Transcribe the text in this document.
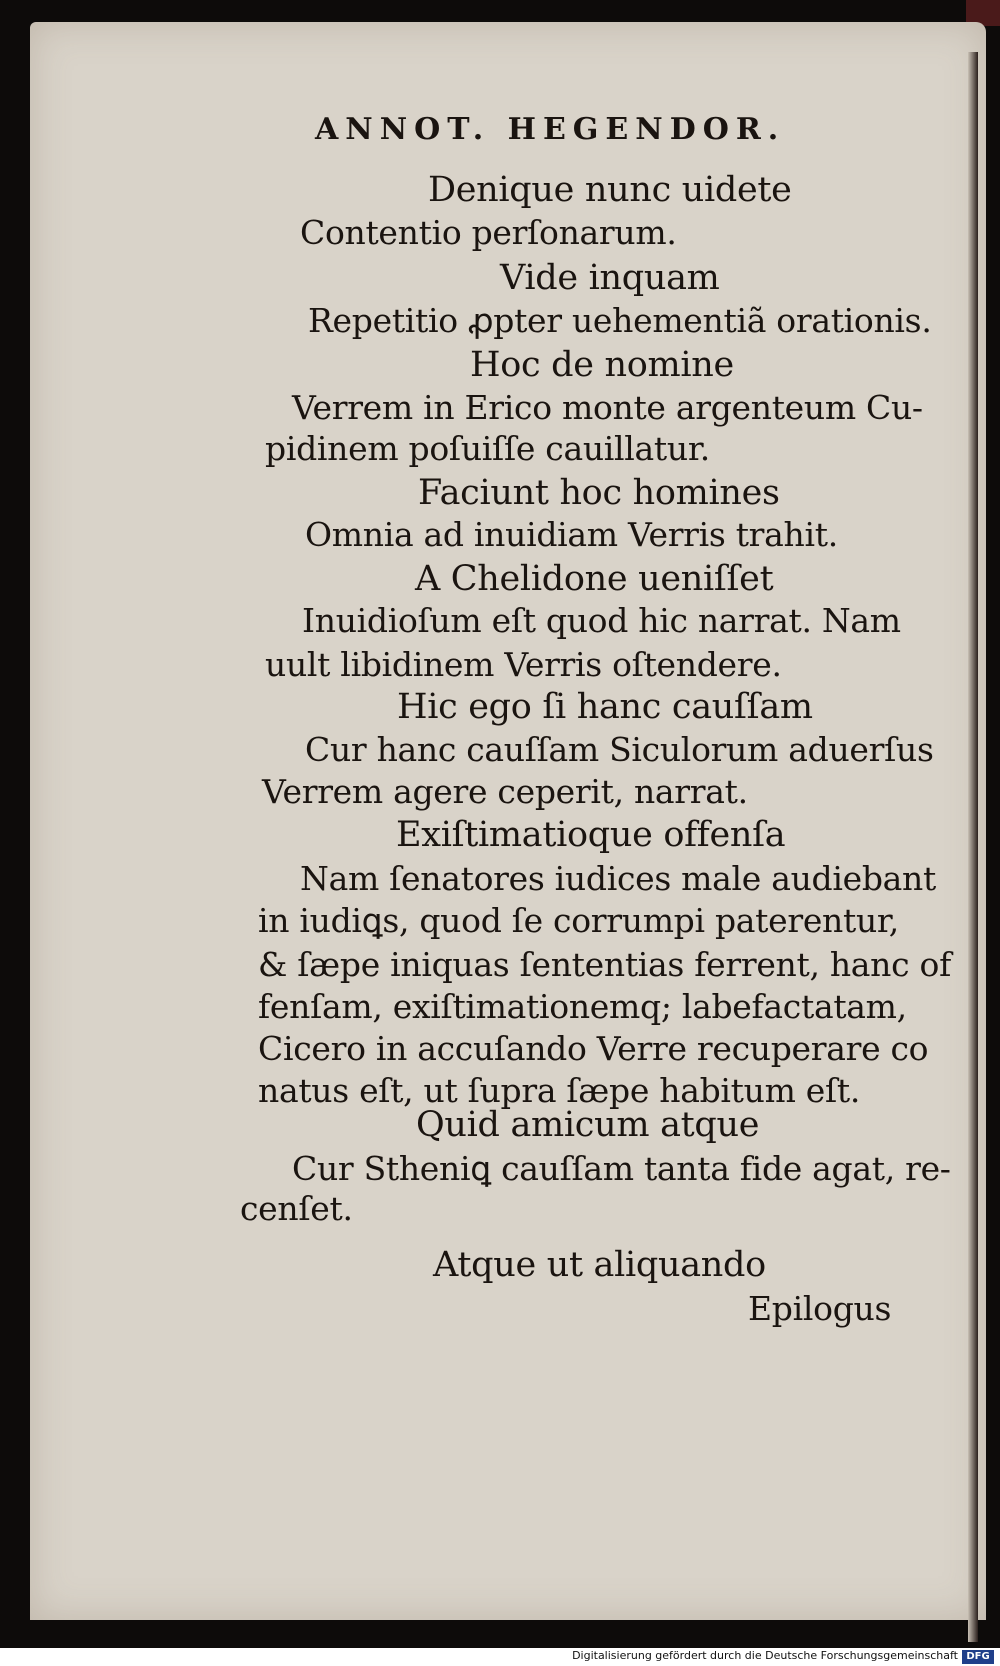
ANNOT. HEGENDOR.
Denique nunc uidete
Contentio perſonarum.
Vide inquam
Repetitio ꝓpter uehementiã orationis.
Hoc de nomine
Verrem in Erico monte argenteum Cu-
pidinem poſuiſſe cauillatur.
Faciunt hoc homines
Omnia ad inuidiam Verris trahit.
A Chelidone ueniſſet
Inuidioſum eſt quod hic narrat. Nam
uult libidinem Verris oſtendere.
Hic ego ſi hanc cauſſam
Cur hanc cauſſam Siculorum aduerſus
Verrem agere ceperit, narrat.
Exiſtimatioque offenſa
Nam ſenatores iudices male audiebant
in iudiꝗs, quod ſe corrumpi paterentur,
& ſæpe iniquas ſententias ferrent, hanc of
fenſam, exiſtimationemq; labefactatam,
Cicero in accuſando Verre recuperare co
natus eſt, ut ſupra ſæpe habitum eſt.
Quid amicum atque
Cur Stheniꝗ cauſſam tanta fide agat, re-
cenſet.
Atque ut aliquando
Epilogus
Digitalisierung gefördert durch die Deutsche Forschungsgemeinschaft DFG
